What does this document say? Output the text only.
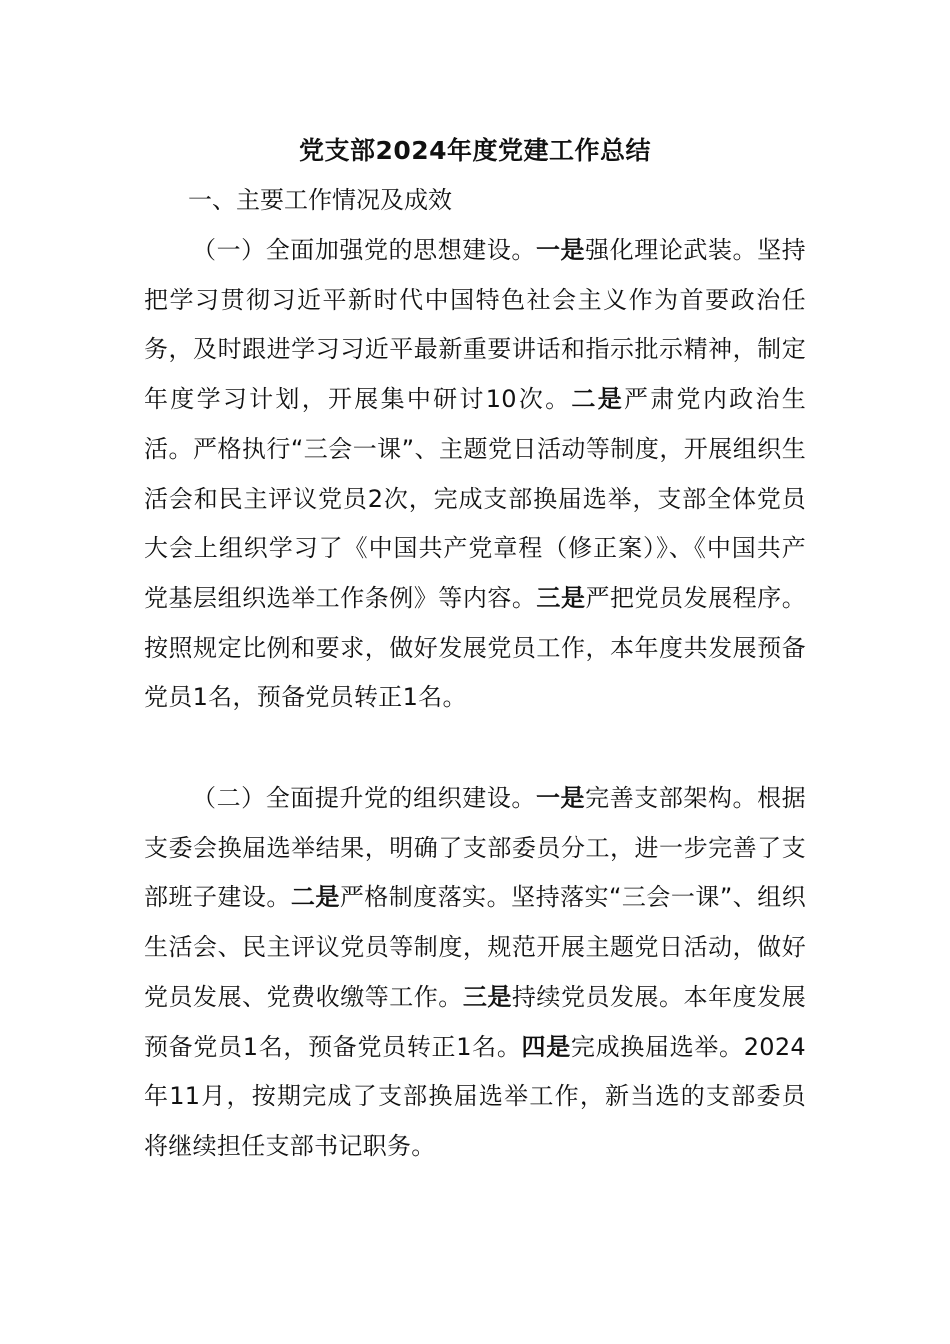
党支部2024年度党建工作总结
一、主要工作情况及成效

（一）全面加强党的思想建设。一是强化理论武装。坚持把学习贯彻习近平新时代中国特色社会主义作为首要政治任务，及时跟进学习习近平最新重要讲话和指示批示精神，制定年度学习计划，开展集中研讨10次。二是严肃党内政治生活。严格执行“三会一课”、主题党日活动等制度，开展组织生活会和民主评议党员2次，完成支部换届选举，支部全体党员大会上组织学习了《中国共产党章程（修正案）》、《中国共产党基层组织选举工作条例》等内容。三是严把党员发展程序。按照规定比例和要求，做好发展党员工作，本年度共发展预备党员1名，预备党员转正1名。

（二）全面提升党的组织建设。一是完善支部架构。根据支委会换届选举结果，明确了支部委员分工，进一步完善了支部班子建设。二是严格制度落实。坚持落实“三会一课”、组织生活会、民主评议党员等制度，规范开展主题党日活动，做好党员发展、党费收缴等工作。三是持续党员发展。本年度发展预备党员1名，预备党员转正1名。四是完成换届选举。2024年11月，按期完成了支部换届选举工作，新当选的支部委员将继续担任支部书记职务。
